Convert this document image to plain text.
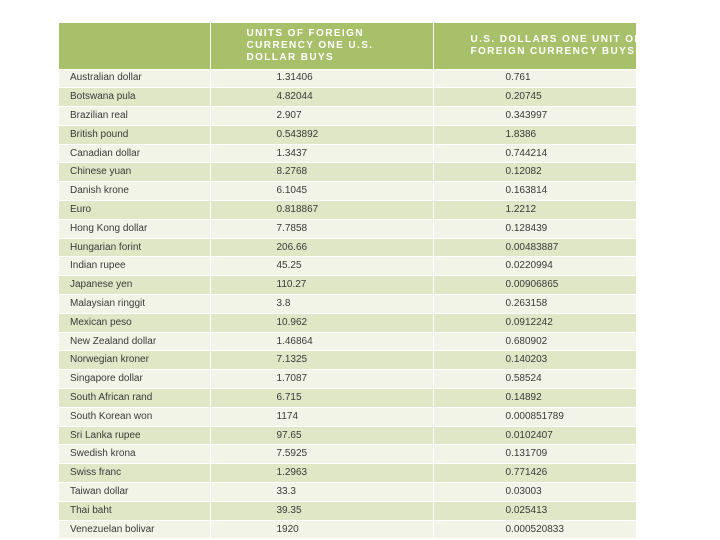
	UNITS OF FOREIGN CURRENCY ONE U.S. DOLLAR BUYS	U.S. DOLLARS ONE UNIT OF FOREIGN CURRENCY BUYS

Australian dollar	1.31406	0.761
Botswana pula	4.82044	0.20745
Brazilian real	2.907	0.343997
British pound	0.543892	1.8386
Canadian dollar	1.3437	0.744214
Chinese yuan	8.2768	0.12082
Danish krone	6.1045	0.163814
Euro	0.818867	1.2212
Hong Kong dollar	7.7858	0.128439
Hungarian forint	206.66	0.00483887
Indian rupee	45.25	0.0220994
Japanese yen	110.27	0.00906865
Malaysian ringgit	3.8	0.263158
Mexican peso	10.962	0.0912242
New Zealand dollar	1.46864	0.680902
Norwegian kroner	7.1325	0.140203
Singapore dollar	1.7087	0.58524
South African rand	6.715	0.14892
South Korean won	1174	0.000851789
Sri Lanka rupee	97.65	0.0102407
Swedish krona	7.5925	0.131709
Swiss franc	1.2963	0.771426
Taiwan dollar	33.3	0.03003
Thai baht	39.35	0.025413
Venezuelan bolivar	1920	0.000520833
